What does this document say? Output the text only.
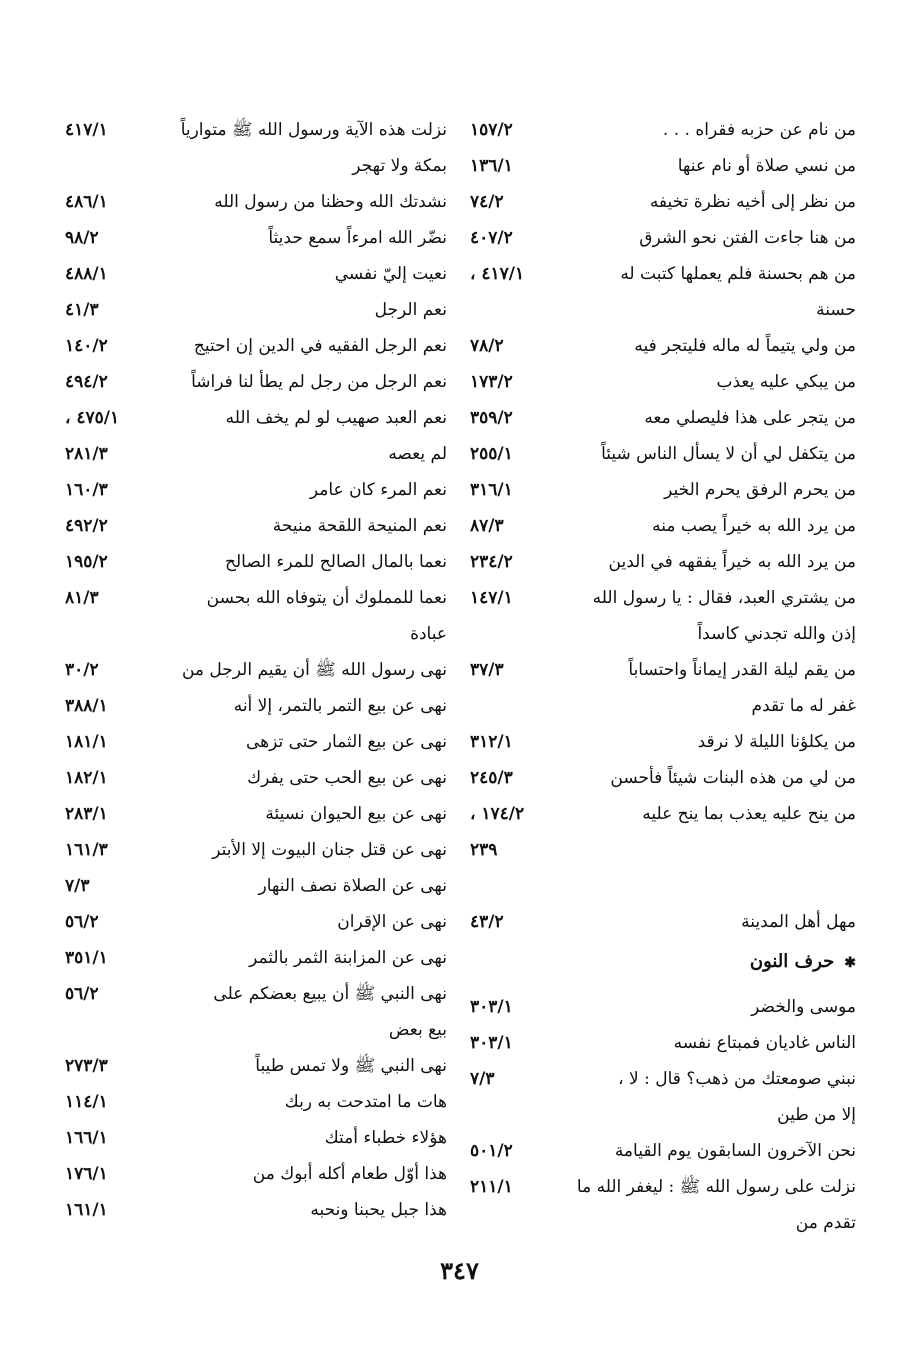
من نام عن حزبه فقراه . . .
١٥٧/٢
من نسي صلاة أو نام عنها
١٣٦/١
من نظر إلى أخيه نظرة تخيفه
٧٤/٢
من هنا جاءت الفتن نحو الشرق
٤٠٧/٢
من هم بحسنة فلم يعملها كتبت له
٤١٧/١ ،
حسنة
من ولي يتيماً له ماله فليتجر فيه
٧٨/٢
من يبكي عليه يعذب
١٧٣/٢
من يتجر على هذا فليصلي معه
٣٥٩/٢
من يتكفل لي أن لا يسأل الناس شيئاً
٢٥٥/١
من يحرم الرفق يحرم الخير
٣١٦/١
من يرد الله به خيراً يصب منه
٨٧/٣
من يرد الله به خيراً يفقهه في الدين
٢٣٤/٢
من يشتري العبد، فقال : يا رسول الله
١٤٧/١
إذن والله تجدني كاسداً
من يقم ليلة القدر إيماناً واحتساباً
٣٧/٣
غفر له ما تقدم
من يكلؤنا الليلة لا نرقد
٣١٢/١
من لي من هذه البنات شيئاً فأحسن
٢٤٥/٣
من ينح عليه يعذب بما ينح عليه
١٧٤/٢ ،
٢٣٩
مهل أهل المدينة
٤٣/٢
✱حرف النون
موسى والخضر
٣٠٣/١
الناس غاديان فمبتاع نفسه
٣٠٣/١
نبني صومعتك من ذهب؟ قال : لا ،
٧/٣
إلا من طين
نحن الآخرون السابقون يوم القيامة
٥٠١/٢
نزلت على رسول الله ﷺ : ليغفر الله ما
٢١١/١
تقدم من
نزلت هذه الآية ورسول الله ﷺ متوارياً
٤١٧/١
بمكة ولا تهجر
نشدتك الله وحظنا من رسول الله
٤٨٦/١
نضّر الله امرءاً سمع حديثاً
٩٨/٢
نعيت إليّ نفسي
٤٨٨/١
نعم الرجل
٤١/٣
نعم الرجل الفقيه في الدين إن احتيج
١٤٠/٢
نعم الرجل من رجل لم يطأ لنا فراشاً
٤٩٤/٢
نعم العبد صهيب لو لم يخف الله
٤٧٥/١ ،
لم يعصه
٢٨١/٣
نعم المرء كان عامر
١٦٠/٣
نعم المنيحة اللقحة منيحة
٤٩٢/٢
نعما بالمال الصالح للمرء الصالح
١٩٥/٢
نعما للمملوك أن يتوفاه الله بحسن
٨١/٣
عبادة
نهى رسول الله ﷺ أن يقيم الرجل من
٣٠/٢
نهى عن بيع التمر بالتمر، إلا أنه
٣٨٨/١
نهى عن بيع الثمار حتى تزهى
١٨١/١
نهى عن بيع الحب حتى يفرك
١٨٢/١
نهى عن بيع الحيوان نسيئة
٢٨٣/١
نهى عن قتل جنان البيوت إلا الأبتر
١٦١/٣
نهى عن الصلاة نصف النهار
٧/٣
نهى عن الإقران
٥٦/٢
نهى عن المزابنة الثمر بالثمر
٣٥١/١
نهى النبي ﷺ أن يبيع بعضكم على
٥٦/٢
بيع بعض
نهى النبي ﷺ ولا تمس طيباً
٢٧٣/٣
هات ما امتدحت به ربك
١١٤/١
هؤلاء خطباء أمتك
١٦٦/١
هذا أوّل طعام أكله أبوك من
١٧٦/١
هذا جبل يحبنا ونحبه
١٦١/١
٣٤٧
